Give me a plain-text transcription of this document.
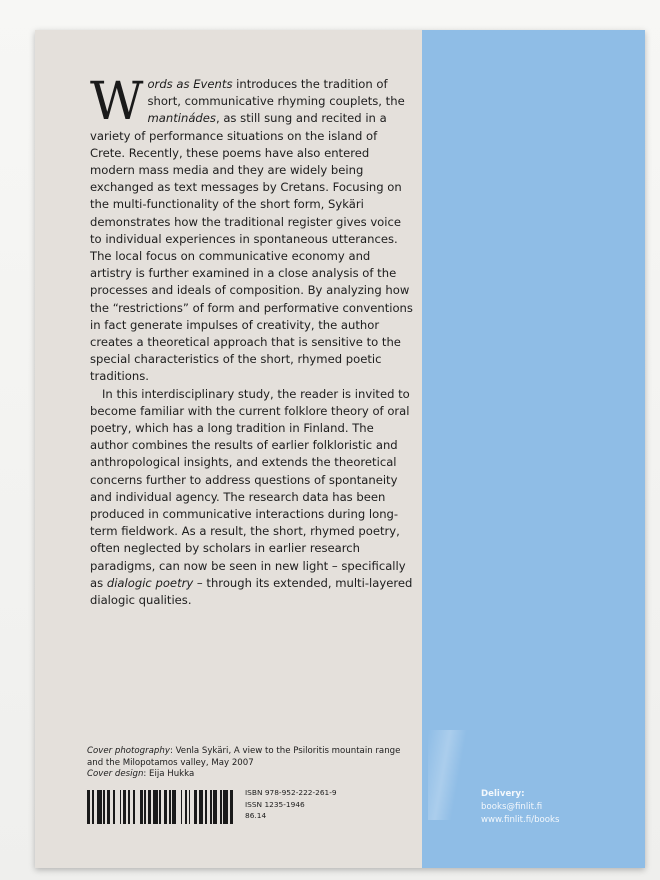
Words as Events introduces the tradition of short, communicative rhyming couplets, the mantinádes, as still sung and recited in a variety of performance situations on the island of Crete. Recently, these poems have also entered modern mass media and they are widely being exchanged as text messages by Cretans. Focusing on the multi-functionality of the short form, Sykäri demonstrates how the traditional register gives voice to individual experiences in spontaneous utterances. The local focus on communicative economy and artistry is further examined in a close analysis of the processes and ideals of composition. By analyzing how the “restrictions” of form and performative conventions in fact generate impulses of creativity, the author creates a theoretical approach that is sensitive to the special characteristics of the short, rhymed poetic traditions.

In this interdisciplinary study, the reader is invited to become familiar with the current folklore theory of oral poetry, which has a long tradition in Finland. The author combines the results of earlier folkloristic and anthropological insights, and extends the theoretical concerns further to address questions of spontaneity and individual agency. The research data has been produced in communicative interactions during long-term fieldwork. As a result, the short, rhymed poetry, often neglected by scholars in earlier research paradigms, can now be seen in new light – specifically as dialogic poetry – through its extended, multi-layered dialogic qualities.

Cover photography: Venla Sykäri, A view to the Psiloritis mountain range and the Milopotamos valley, May 2007
Cover design: Eija Hukka
ISBN 978-952-222-261-9
ISSN 1235-1946
86.14
Delivery:
books@finlit.fi
www.finlit.fi/books
